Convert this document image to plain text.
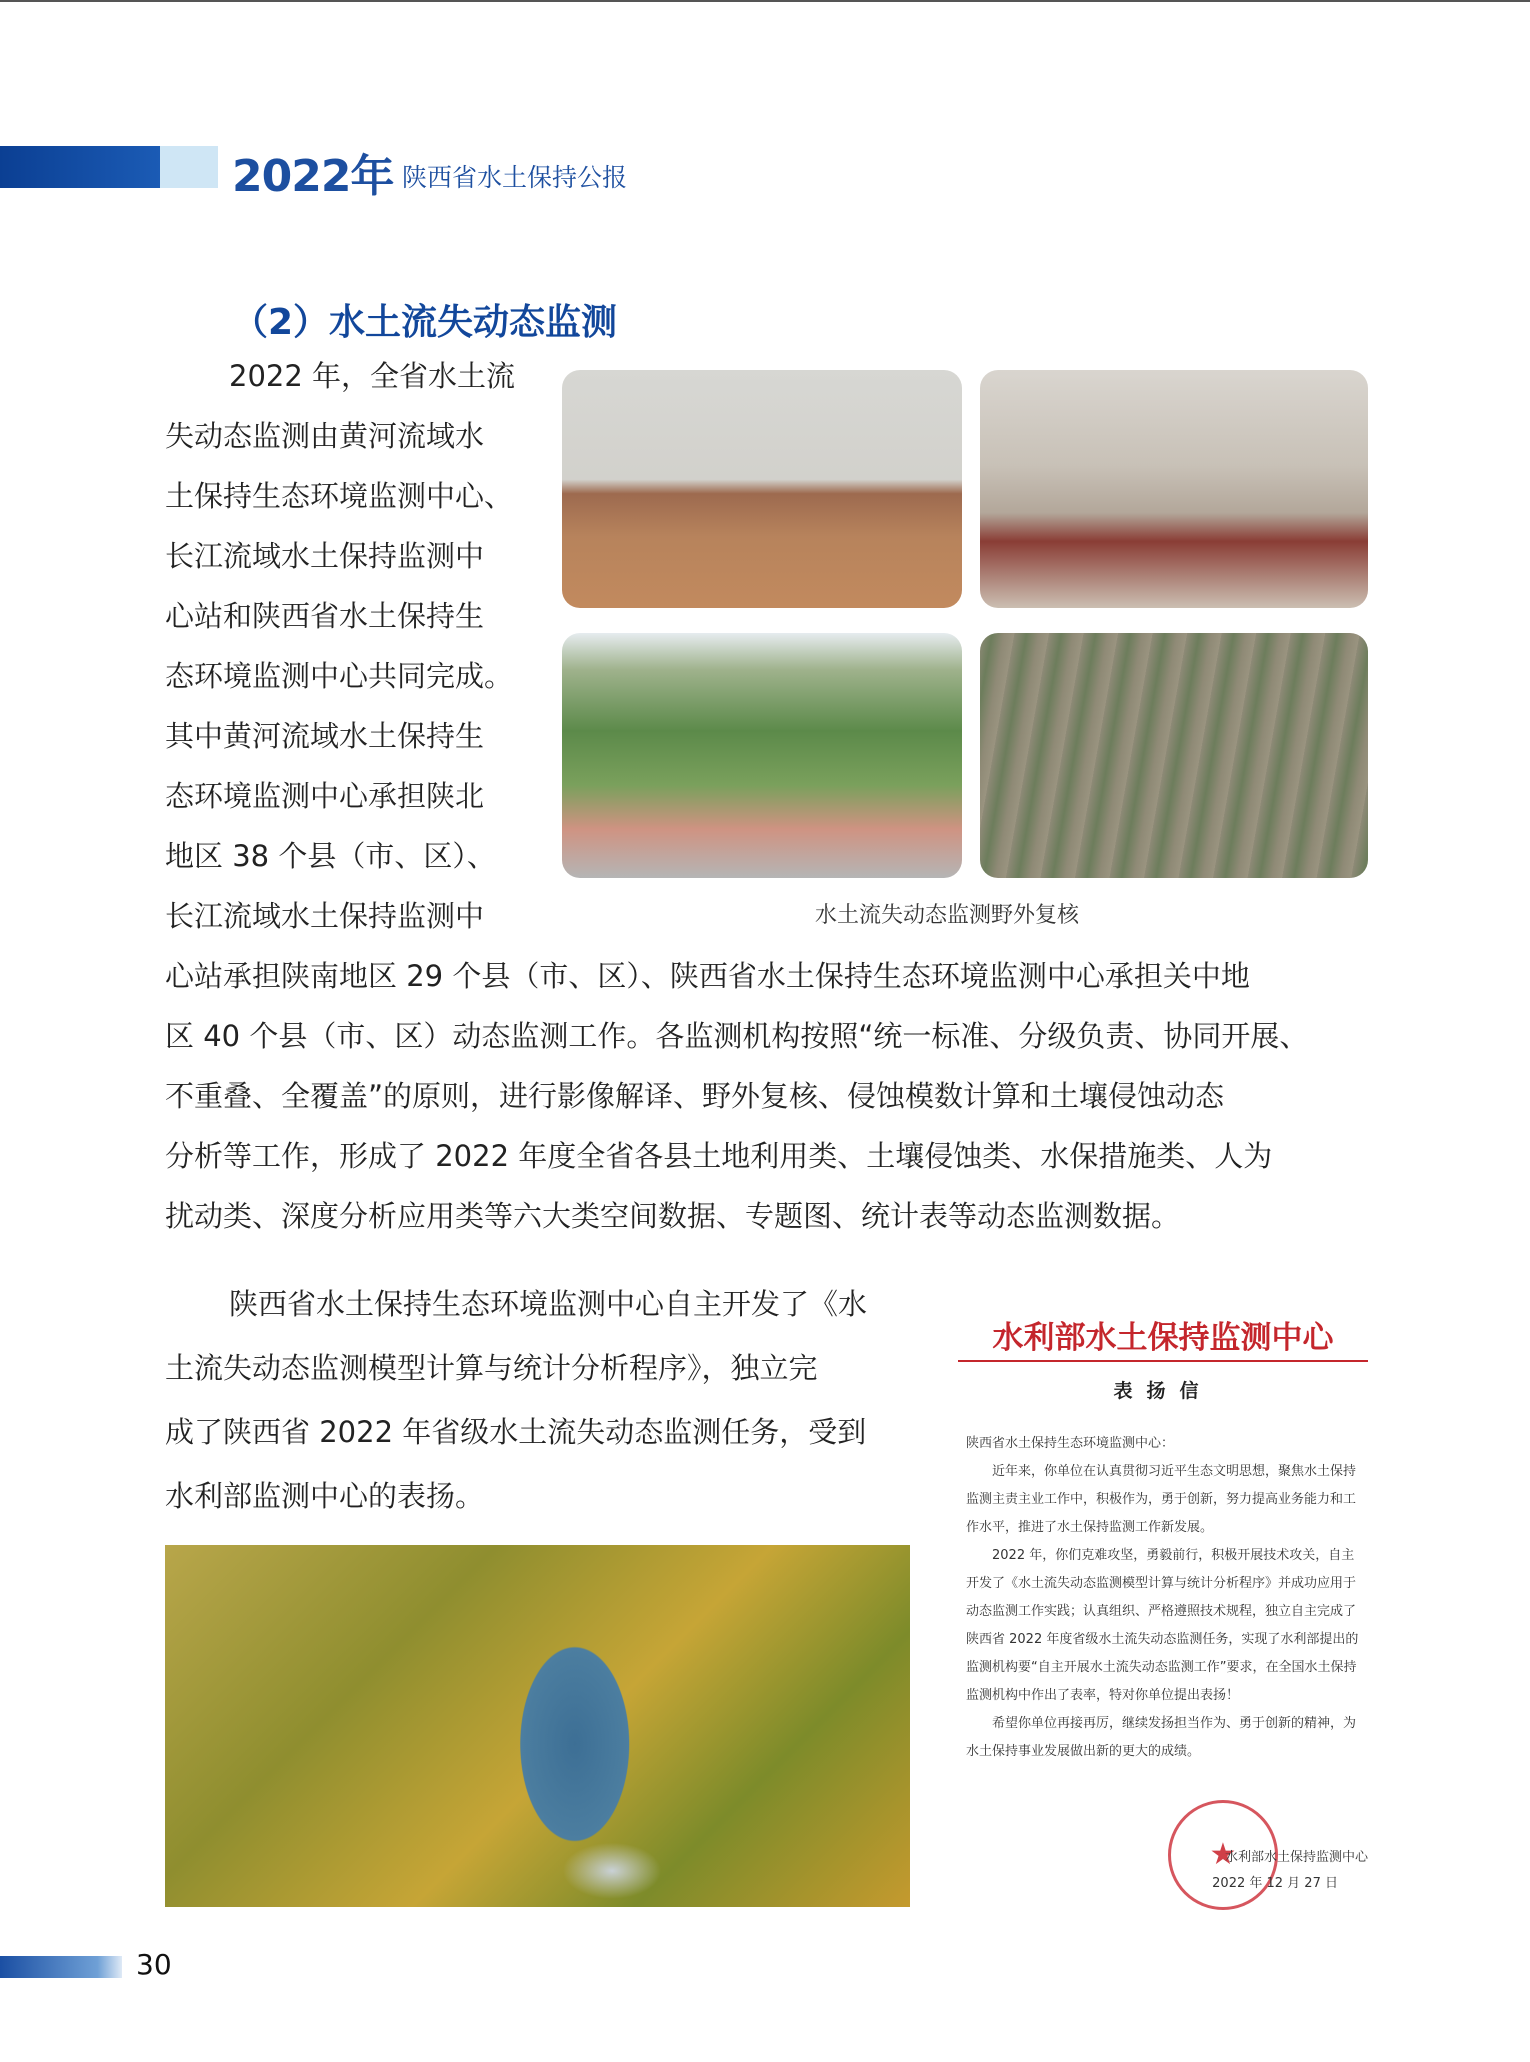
2022年 陕西省水土保持公报
（2）水土流失动态监测
2022 年，全省水土流
失动态监测由黄河流域水
土保持生态环境监测中心、
长江流域水土保持监测中
心站和陕西省水土保持生
态环境监测中心共同完成。
其中黄河流域水土保持生
态环境监测中心承担陕北
地区 38 个县（市、区）、
长江流域水土保持监测中	水土流失动态监测野外复核
心站承担陕南地区 29 个县（市、区）、陕西省水土保持生态环境监测中心承担关中地
区 40 个县（市、区）动态监测工作。各监测机构按照“统一标准、分级负责、协同开展、
不重叠、全覆盖”的原则，进行影像解译、野外复核、侵蚀模数计算和土壤侵蚀动态
分析等工作，形成了 2022 年度全省各县土地利用类、土壤侵蚀类、水保措施类、人为
扰动类、深度分析应用类等六大类空间数据、专题图、统计表等动态监测数据。
陕西省水土保持生态环境监测中心自主开发了《水
土流失动态监测模型计算与统计分析程序》，独立完
成了陕西省 2022 年省级水土流失动态监测任务，受到
水利部监测中心的表扬。
水利部水土保持监测中心
表扬信

陕西省水土保持生态环境监测中心：

近年来，你单位在认真贯彻习近平生态文明思想，聚焦水土保持监测主责主业工作中，积极作为，勇于创新，努力提高业务能力和工作水平，推进了水土保持监测工作新发展。

2022 年，你们克难攻坚，勇毅前行，积极开展技术攻关，自主开发了《水土流失动态监测模型计算与统计分析程序》并成功应用于动态监测工作实践；认真组织、严格遵照技术规程，独立自主完成了陕西省 2022 年度省级水土流失动态监测任务，实现了水利部提出的监测机构要“自主开展水土流失动态监测工作”要求，在全国水土保持监测机构中作出了表率，特对你单位提出表扬！

希望你单位再接再厉，继续发扬担当作为、勇于创新的精神，为水土保持事业发展做出新的更大的成绩。

★
水利部水土保持监测中心
2022 年 12 月 27 日
30
